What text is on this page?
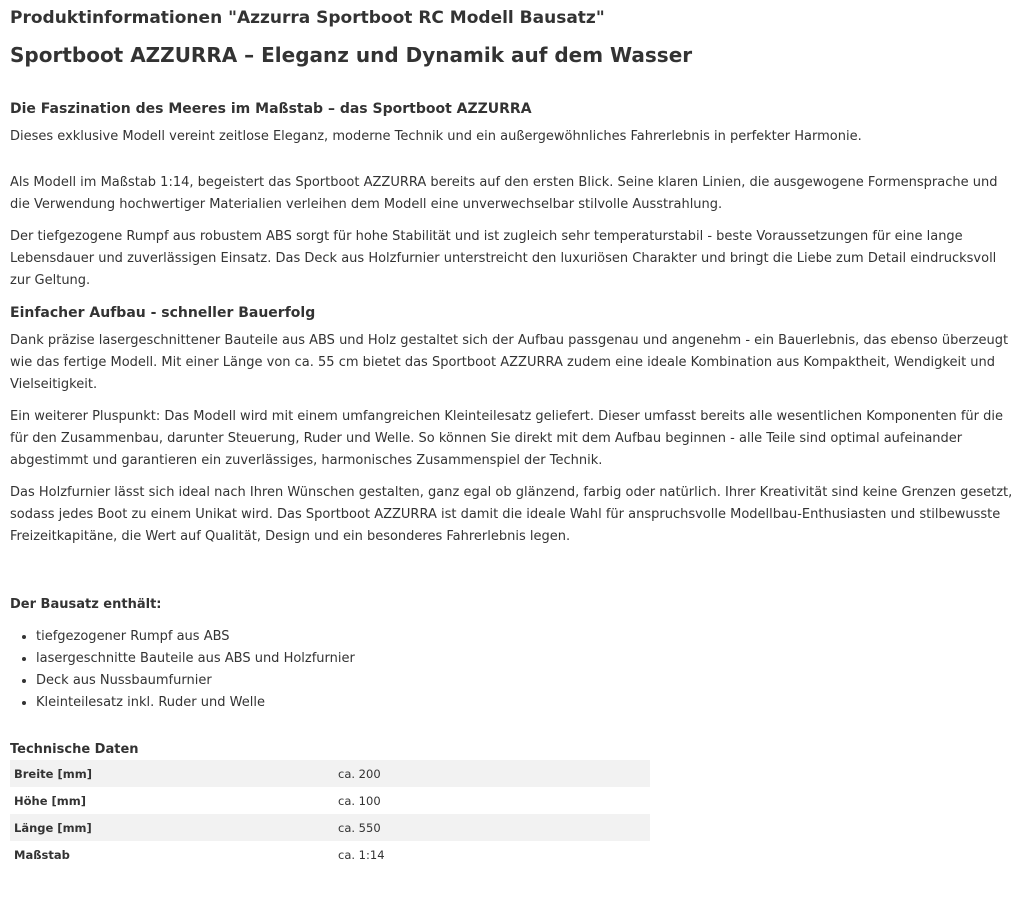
Produktinformationen "Azzurra Sportboot RC Modell Bausatz"
Sportboot AZZURRA – Eleganz und Dynamik auf dem Wasser
Die Faszination des Meeres im Maßstab – das Sportboot AZZURRA

Dieses exklusive Modell vereint zeitlose Eleganz, moderne Technik und ein außergewöhnliches Fahrerlebnis in perfekter Harmonie.

Als Modell im Maßstab 1:14, begeistert das Sportboot AZZURRA bereits auf den ersten Blick. Seine klaren Linien, die ausgewogene Formensprache und die Verwendung hochwertiger Materialien verleihen dem Modell eine unverwechselbar stilvolle Ausstrahlung.

Der tiefgezogene Rumpf aus robustem ABS sorgt für hohe Stabilität und ist zugleich sehr temperaturstabil - beste Voraussetzungen für eine lange Lebensdauer und zuverlässigen Einsatz. Das Deck aus Holzfurnier unterstreicht den luxuriösen Charakter und bringt die Liebe zum Detail eindrucksvoll zur Geltung.

Einfacher Aufbau - schneller Bauerfolg

Dank präzise lasergeschnittener Bauteile aus ABS und Holz gestaltet sich der Aufbau passgenau und angenehm - ein Bauerlebnis, das ebenso überzeugt wie das fertige Modell. Mit einer Länge von ca. 55 cm bietet das Sportboot AZZURRA zudem eine ideale Kombination aus Kompaktheit, Wendigkeit und Vielseitigkeit.

Ein weiterer Pluspunkt: Das Modell wird mit einem umfangreichen Kleinteilesatz geliefert. Dieser umfasst bereits alle wesentlichen Komponenten für die für den Zusammenbau, darunter Steuerung, Ruder und Welle. So können Sie direkt mit dem Aufbau beginnen - alle Teile sind optimal aufeinander abgestimmt und garantieren ein zuverlässiges, harmonisches Zusammenspiel der Technik.

Das Holzfurnier lässt sich ideal nach Ihren Wünschen gestalten, ganz egal ob glänzend, farbig oder natürlich. Ihrer Kreativität sind keine Grenzen gesetzt, sodass jedes Boot zu einem Unikat wird. Das Sportboot AZZURRA ist damit die ideale Wahl für anspruchsvolle Modellbau-Enthusiasten und stilbewusste Freizeitkapitäne, die Wert auf Qualität, Design und ein besonderes Fahrerlebnis legen.

Der Bausatz enthält:
• tiefgezogener Rumpf aus ABS
• lasergeschnitte Bauteile aus ABS und Holzfurnier
• Deck aus Nussbaumfurnier
• Kleinteilesatz inkl. Ruder und Welle
Technische Daten
Breite [mm]	ca. 200
Höhe [mm]	ca. 100
Länge [mm]	ca. 550
Maßstab	ca. 1:14
